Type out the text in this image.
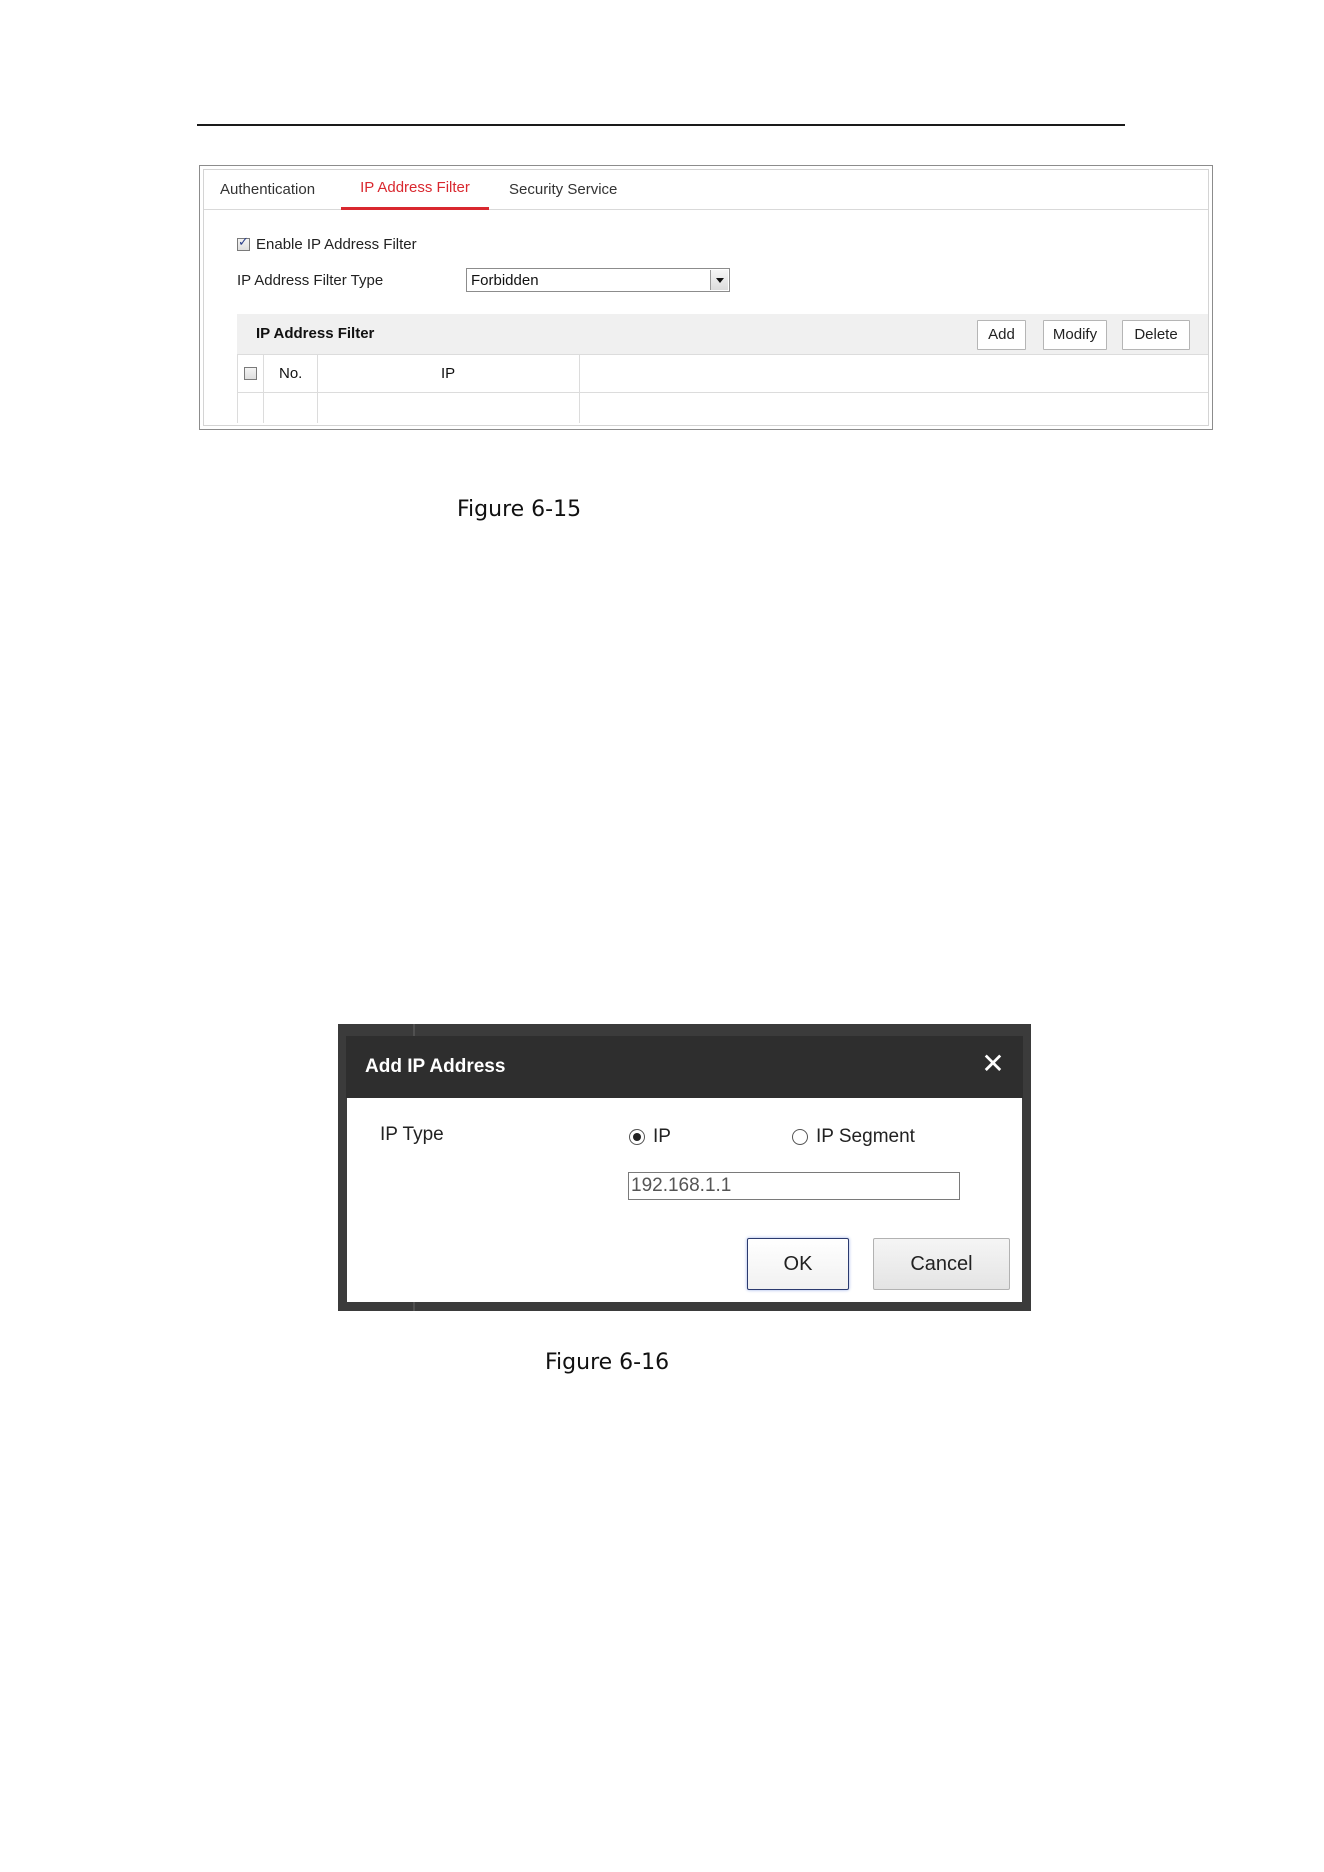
Authentication	IP Address Filter	Security Service
✓
Enable IP Address Filter
IP Address Filter Type	Forbidden
IP Address Filter	Add	Modify	Delete
No.	IP
Figure 6-15
Add IP Address	✕
IP Type	IP	IP Segment
192.168.1.1
OK	Cancel
Figure 6-16
